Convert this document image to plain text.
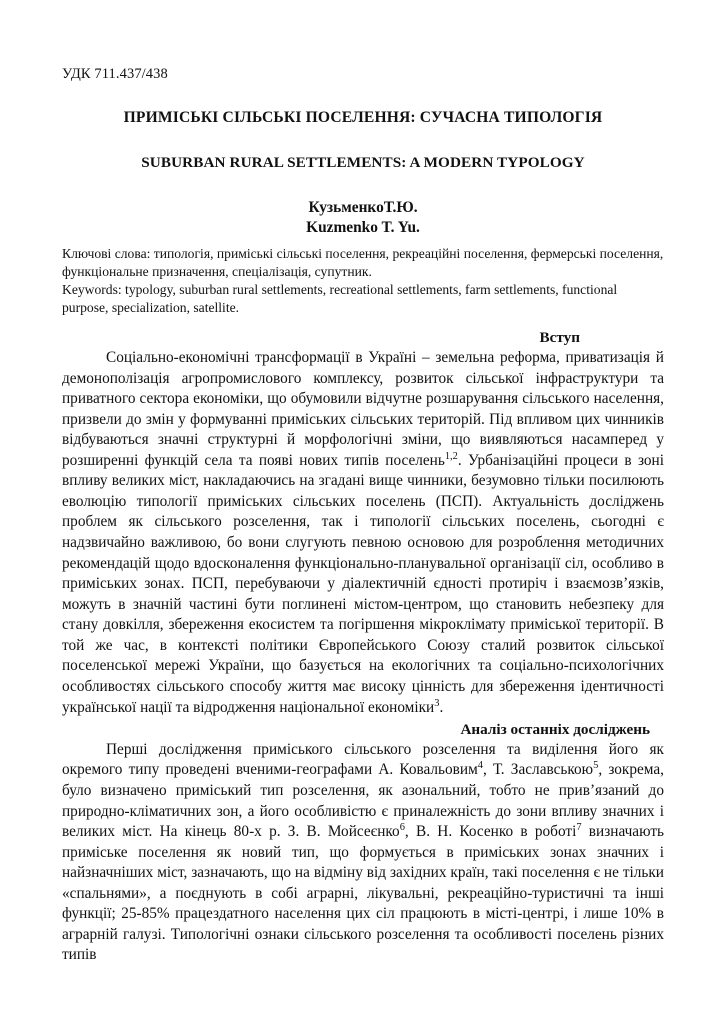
УДК 711.437/438
ПРИМІСЬКІ СІЛЬСЬКІ ПОСЕЛЕННЯ: СУЧАСНА ТИПОЛОГІЯ
SUBURBAN RURAL SETTLEMENTS: A MODERN TYPOLOGY
КузьменкоТ.Ю.
Kuzmenko T. Yu.

Ключові слова: типологія, приміські сільські поселення, рекреаційні поселення, фермерські поселення, функціональне призначення, спеціалізація, супутник.

Keywords: typology, suburban rural settlements, recreational settlements, farm settlements, functional purpose, specialization, satellite.

Вступ

Соціально-економічні трансформації в Україні – земельна реформа, приватизація й демонополізація агропромислового комплексу, розвиток сільської інфраструктури та приватного сектора економіки, що обумовили відчутне розшарування сільського населення, призвели до змін у формуванні приміських сільських територій. Під впливом цих чинників відбуваються значні структурні й морфологічні зміни, що виявляються насамперед у розширенні функцій села та появі нових типів поселень$^{1,2}$. Урбанізаційні процеси в зоні впливу великих міст, накладаючись на згадані вище чинники, безумовно тільки посилюють еволюцію типології приміських сільських поселень (ПСП). Актуальність досліджень проблем як сільського розселення, так і типології сільських поселень, сьогодні є надзвичайно важливою, бо вони слугують певною основою для розроблення методичних рекомендацій щодо вдосконалення функціонально-планувальної організації сіл, особливо в приміських зонах. ПСП, перебуваючи у діалектичній єдності протиріч і взаємозв’язків, можуть в значній частині бути поглинені містом-центром, що становить небезпеку для стану довкілля, збереження екосистем та погіршення мікроклімату приміської території. В той же час, в контексті політики Європейського Союзу сталий розвиток сільської поселенської мережі України, що базується на екологічних та соціально-психологічних особливостях сільського способу життя має високу цінність для збереження ідентичності української нації та відродження національної економіки$^3$.

Аналіз останніх досліджень

Перші дослідження приміського сільського розселення та виділення його як окремого типу проведені вченими-географами А. Ковальовим$^4$, Т. Заславською$^5$, зокрема, було визначено приміський тип розселення, як азональний, тобто не прив’язаний до природно-кліматичних зон, а його особливістю є приналежність до зони впливу значних і великих міст. На кінець 80-х р. З. В. Мойсеєнко$^6$, В. Н. Косенко в роботі$^7$ визначають приміське поселення як новий тип, що формується в приміських зонах значних і найзначніших міст, зазначають, що на відміну від західних країн, такі поселення є не тільки «спальнями», а поєднують в собі аграрні, лікувальні, рекреаційно-туристичні та інші функції; 25-85% працездатного населення цих сіл працюють в місті-центрі, і лише 10% в аграрній галузі. Типологічні ознаки сільського розселення та особливості поселень різних типів
